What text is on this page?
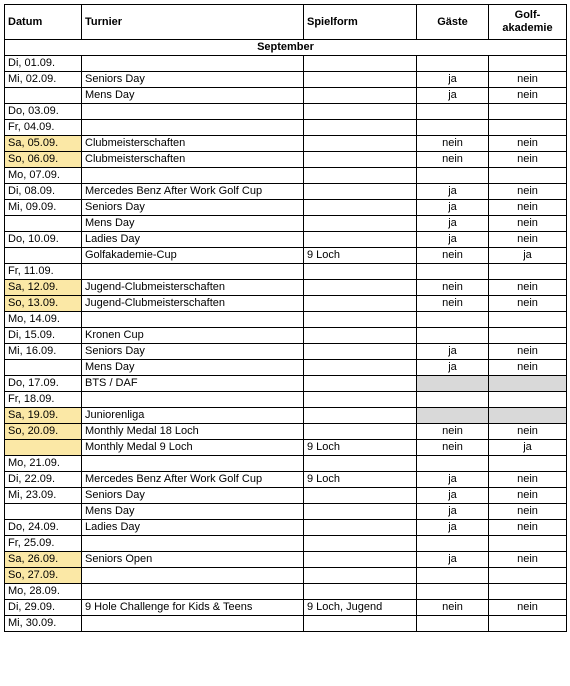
Datum	Turnier	Spielform	Gäste	Golf-
akademie
September				
Di, 01.09.				
Mi, 02.09.	Seniors Day		ja	nein
	Mens Day		ja	nein
Do, 03.09.				
Fr, 04.09.				
Sa, 05.09.	Clubmeisterschaften		nein	nein
So, 06.09.	Clubmeisterschaften		nein	nein
Mo, 07.09.				
Di, 08.09.	Mercedes Benz After Work Golf Cup		ja	nein
Mi, 09.09.	Seniors Day		ja	nein
	Mens Day		ja	nein
Do, 10.09.	Ladies Day		ja	nein
	Golfakademie-Cup	9 Loch	nein	ja
Fr, 11.09.				
Sa, 12.09.	Jugend-Clubmeisterschaften		nein	nein
So, 13.09.	Jugend-Clubmeisterschaften		nein	nein
Mo, 14.09.				
Di, 15.09.	Kronen Cup			
Mi, 16.09.	Seniors Day		ja	nein
	Mens Day		ja	nein
Do, 17.09.	BTS / DAF			
Fr, 18.09.				
Sa, 19.09.	Juniorenliga			
So, 20.09.	Monthly Medal 18 Loch		nein	nein
	Monthly Medal 9 Loch	9 Loch	nein	ja
Mo, 21.09.				
Di, 22.09.	Mercedes Benz After Work Golf Cup	9 Loch	ja	nein
Mi, 23.09.	Seniors Day		ja	nein
	Mens Day		ja	nein
Do, 24.09.	Ladies Day		ja	nein
Fr, 25.09.				
Sa, 26.09.	Seniors Open		ja	nein
So, 27.09.				
Mo, 28.09.				
Di, 29.09.	9 Hole Challenge for Kids & Teens	9 Loch, Jugend	nein	nein
Mi, 30.09.				
